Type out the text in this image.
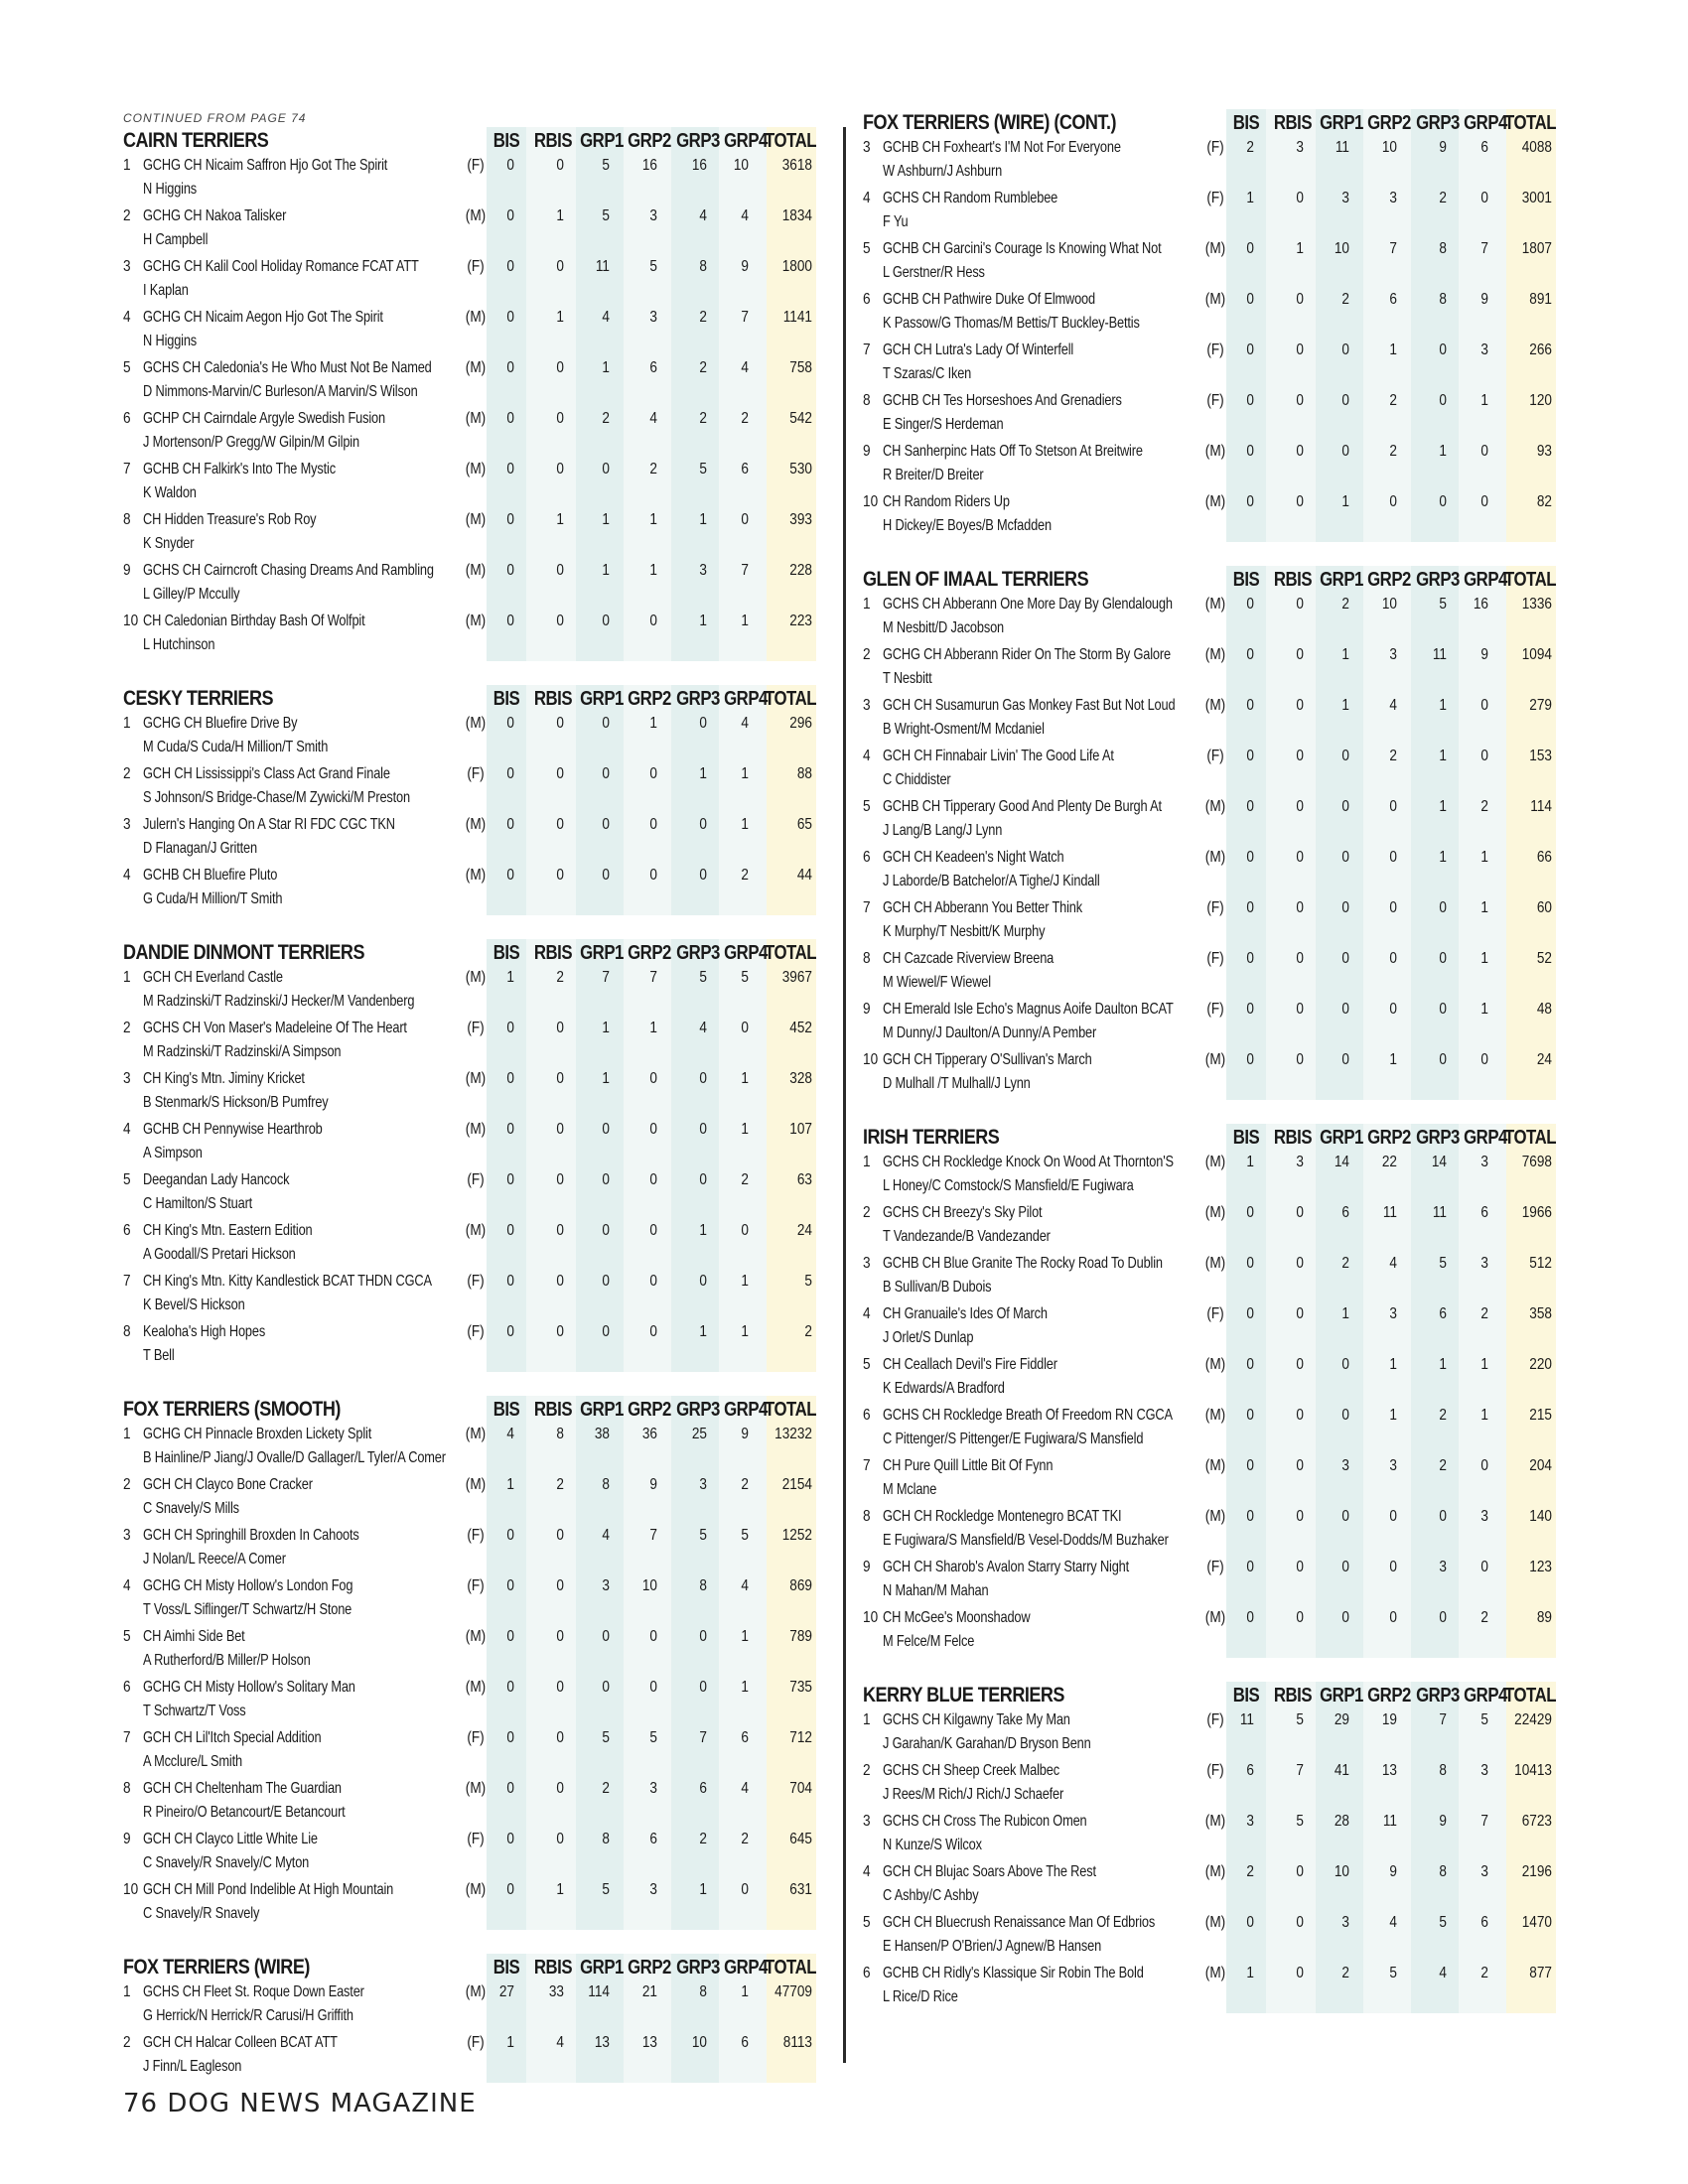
CONTINUED FROM PAGE 74
CAIRN TERRIERS	BIS RBIS GRP1 GRP2 GRP3 GRP4
TOTAL
1 GCHG CH Nicaim Saffron Hjo Got The Spirit
N Higgins
(F)	0	0	5	16	16	10	3618
2 GCHG CH Nakoa Talisker
H Campbell
(M)	0	1	5	3	4	4	1834
3 GCHG CH Kalil Cool Holiday Romance FCAT ATT
I Kaplan
(F)	0	0	11	5	8	9	1800
4 GCHG CH Nicaim Aegon Hjo Got The Spirit
N Higgins
(M)	0	1	4	3	2	7	1141
5 GCHS CH Caledonia's He Who Must Not Be Named
D Nimmons-Marvin/C Burleson/A Marvin/S Wilson
(M)	0	0	1	6	2	4	758
6 GCHP CH Cairndale Argyle Swedish Fusion
J Mortenson/P Gregg/W Gilpin/M Gilpin
(M)	0	0	2	4	2	2	542
7 GCHB CH Falkirk's Into The Mystic
K Waldon
(M)	0	0	0	2	5	6	530
8 CH Hidden Treasure's Rob Roy
K Snyder
(M)	0	1	1	1	1	0	393
9 GCHS CH Cairncroft Chasing Dreams And Rambling
L Gilley/P Mccully
(M)	0	0	1	1	3	7	228
10 CH Caledonian Birthday Bash Of Wolfpit
L Hutchinson
(M)	0	0	0	0	1	1	223
CESKY TERRIERS	BIS RBIS GRP1 GRP2 GRP3 GRP4
TOTAL
1 GCHG CH Bluefire Drive By
M Cuda/S Cuda/H Million/T Smith
(M)	0	0	0	1	0	4	296
2 GCH CH Lississippi's Class Act Grand Finale
S Johnson/S Bridge-Chase/M Zywicki/M Preston
(F)	0	0	0	0	1	1	88
3 Julern's Hanging On A Star RI FDC CGC TKN
D Flanagan/J Gritten
(M)	0	0	0	0	0	1	65
4 GCHB CH Bluefire Pluto
G Cuda/H Million/T Smith
(M)	0	0	0	0	0	2	44
DANDIE DINMONT TERRIERS	BIS RBIS GRP1 GRP2 GRP3 GRP4
TOTAL
1 GCH CH Everland Castle
M Radzinski/T Radzinski/J Hecker/M Vandenberg
(M)	1	2	7	7	5	5	3967
2 GCHS CH Von Maser's Madeleine Of The Heart
M Radzinski/T Radzinski/A Simpson
(F)	0	0	1	1	4	0	452
3 CH King's Mtn. Jiminy Kricket
B Stenmark/S Hickson/B Pumfrey
(M)	0	0	1	0	0	1	328
4 GCHB CH Pennywise Hearthrob
A Simpson
(M)	0	0	0	0	0	1	107
5 Deegandan Lady Hancock
C Hamilton/S Stuart
(F)	0	0	0	0	0	2	63
6 CH King's Mtn. Eastern Edition
A Goodall/S Pretari Hickson
(M)	0	0	0	0	1	0	24
7 CH King's Mtn. Kitty Kandlestick BCAT THDN CGCA
K Bevel/S Hickson
(F)	0	0	0	0	0	1	5
8 Kealoha's High Hopes
T Bell
(F)	0	0	0	0	1	1	2
FOX TERRIERS (SMOOTH)	BIS RBIS GRP1 GRP2 GRP3 GRP4
TOTAL
1 GCHG CH Pinnacle Broxden Lickety Split
B Hainline/P Jiang/J Ovalle/D Gallager/L Tyler/A Comer
(M)	4	8	38	36	25	9	13232
2 GCH CH Clayco Bone Cracker
C Snavely/S Mills
(M)	1	2	8	9	3	2	2154
3 GCH CH Springhill Broxden In Cahoots
J Nolan/L Reece/A Comer
(F)	0	0	4	7	5	5	1252
4 GCHG CH Misty Hollow's London Fog
T Voss/L Siflinger/T Schwartz/H Stone
(F)	0	0	3	10	8	4	869
5 CH Aimhi Side Bet
A Rutherford/B Miller/P Holson
(M)	0	0	0	0	0	1	789
6 GCHG CH Misty Hollow's Solitary Man
T Schwartz/T Voss
(M)	0	0	0	0	0	1	735
7 GCH CH Lil'Itch Special Addition
A Mcclure/L Smith
(F)	0	0	5	5	7	6	712
8 GCH CH Cheltenham The Guardian
R Pineiro/O Betancourt/E Betancourt
(M)	0	0	2	3	6	4	704
9 GCH CH Clayco Little White Lie
C Snavely/R Snavely/C Myton
(F)	0	0	8	6	2	2	645
10 GCH CH Mill Pond Indelible At High Mountain
C Snavely/R Snavely
(M)	0	1	5	3	1	0	631
FOX TERRIERS (WIRE)	BIS RBIS GRP1 GRP2 GRP3 GRP4
TOTAL
1 GCHS CH Fleet St. Roque Down Easter
G Herrick/N Herrick/R Carusi/H Griffith
(M) 27	33	114	21	8	1	47709
2 GCH CH Halcar Colleen BCAT ATT
J Finn/L Eagleson
(F)	1	4	13	13	10	6	8113
FOX TERRIERS (WIRE) (CONT.)	BIS RBIS GRP1 GRP2 GRP3 GRP4
TOTAL
3 GCHB CH Foxheart's I'M Not For Everyone
W Ashburn/J Ashburn
(F)	2	3	11	10	9	6	4088
4 GCHS CH Random Rumblebee
F Yu
(F)	1	0	3	3	2	0	3001
5 GCHB CH Garcini's Courage Is Knowing What Not
L Gerstner/R Hess
(M)	0	1	10	7	8	7	1807
6 GCHB CH Pathwire Duke Of Elmwood
K Passow/G Thomas/M Bettis/T Buckley-Bettis
(M)	0	0	2	6	8	9	891
7 GCH CH Lutra's Lady Of Winterfell
T Szaras/C Iken
(F)	0	0	0	1	0	3	266
8 GCHB CH Tes Horseshoes And Grenadiers
E Singer/S Herdeman
(F)	0	0	0	2	0	1	120
9 CH Sanherpinc Hats Off To Stetson At Breitwire
R Breiter/D Breiter
(M)	0	0	0	2	1	0	93
10 CH Random Riders Up
H Dickey/E Boyes/B Mcfadden
(M)	0	0	1	0	0	0	82
GLEN OF IMAAL TERRIERS	BIS RBIS GRP1 GRP2 GRP3 GRP4
TOTAL
1 GCHS CH Abberann One More Day By Glendalough
M Nesbitt/D Jacobson
(M)	0	0	2	10	5	16	1336
2 GCHG CH Abberann Rider On The Storm By Galore
T Nesbitt
(M)	0	0	1	3	11	9	1094
3 GCH CH Susamurun Gas Monkey Fast But Not Loud
B Wright-Osment/M Mcdaniel
(M)	0	0	1	4	1	0	279
4 GCH CH Finnabair Livin' The Good Life At
C Chiddister
(F)	0	0	0	2	1	0	153
5 GCHB CH Tipperary Good And Plenty De Burgh At
J Lang/B Lang/J Lynn
(M)	0	0	0	0	1	2	114
6 GCH CH Keadeen's Night Watch
J Laborde/B Batchelor/A Tighe/J Kindall
(M)	0	0	0	0	1	1	66
7 GCH CH Abberann You Better Think
K Murphy/T Nesbitt/K Murphy
(F)	0	0	0	0	0	1	60
8 CH Cazcade Riverview Breena
M Wiewel/F Wiewel
(F)	0	0	0	0	0	1	52
9 CH Emerald Isle Echo's Magnus Aoife Daulton BCAT
M Dunny/J Daulton/A Dunny/A Pember
(F)	0	0	0	0	0	1	48
10 GCH CH Tipperary O'Sullivan's March
D Mulhall /T Mulhall/J Lynn
(M)	0	0	0	1	0	0	24
IRISH TERRIERS	BIS RBIS GRP1 GRP2 GRP3 GRP4
TOTAL
1 GCHS CH Rockledge Knock On Wood At Thornton'S
L Honey/C Comstock/S Mansfield/E Fugiwara
(M)	1	3	14	22	14	3	7698
2 GCHS CH Breezy's Sky Pilot
T Vandezande/B Vandezander
(M)	0	0	6	11	11	6	1966
3 GCHB CH Blue Granite The Rocky Road To Dublin
B Sullivan/B Dubois
(M)	0	0	2	4	5	3	512
4 CH Granuaile's Ides Of March
J Orlet/S Dunlap
(F)	0	0	1	3	6	2	358
5 CH Ceallach Devil's Fire Fiddler
K Edwards/A Bradford
(M)	0	0	0	1	1	1	220
6 GCHS CH Rockledge Breath Of Freedom RN CGCA
C Pittenger/S Pittenger/E Fugiwara/S Mansfield
(M)	0	0	0	1	2	1	215
7 CH Pure Quill Little Bit Of Fynn
M Mclane
(M)	0	0	3	3	2	0	204
8 GCH CH Rockledge Montenegro BCAT TKI
E Fugiwara/S Mansfield/B Vesel-Dodds/M Buzhaker
(M)	0	0	0	0	0	3	140
9 GCH CH Sharob's Avalon Starry Starry Night
N Mahan/M Mahan
(F)	0	0	0	0	3	0	123
10 CH McGee's Moonshadow
M Felce/M Felce
(M)	0	0	0	0	0	2	89
KERRY BLUE TERRIERS	BIS RBIS GRP1 GRP2 GRP3 GRP4
TOTAL
1 GCHS CH Kilgawny Take My Man
J Garahan/K Garahan/D Bryson Benn
(F)	11	5	29	19	7	5	22429
2 GCHS CH Sheep Creek Malbec
J Rees/M Rich/J Rich/J Schaefer
(F)	6	7	41	13	8	3	10413
3 GCHS CH Cross The Rubicon Omen
N Kunze/S Wilcox
(M)	3	5	28	11	9	7	6723
4 GCH CH Blujac Soars Above The Rest
C Ashby/C Ashby
(M)	2	0	10	9	8	3	2196
5 GCH CH Bluecrush Renaissance Man Of Edbrios
E Hansen/P O'Brien/J Agnew/B Hansen
(M)	0	0	3	4	5	6	1470
6 GCHB CH Ridly's Klassique Sir Robin The Bold
L Rice/D Rice
(M)	1	0	2	5	4	2	877
76 DOG NEWS MAGAZINE
